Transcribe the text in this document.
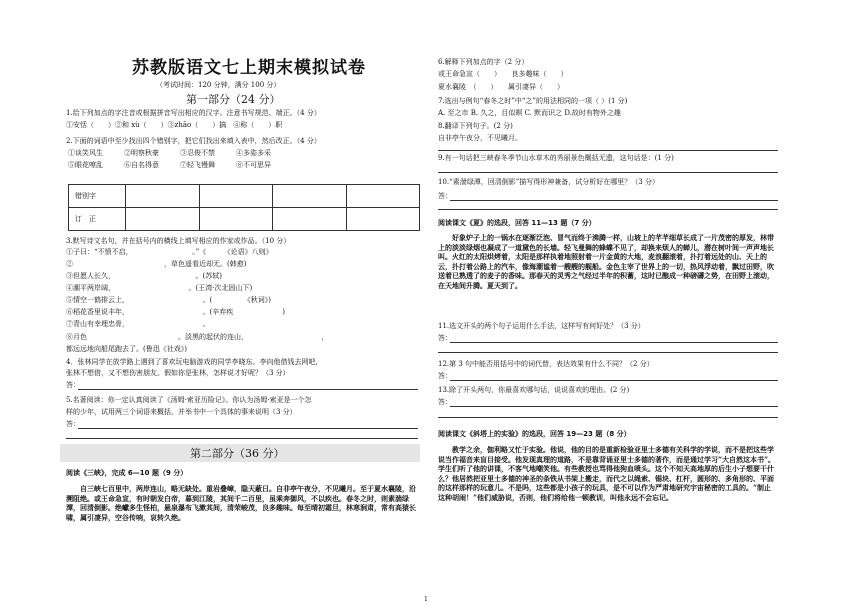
苏教版语文七上期末模拟试卷
（考试时间：120 分钟，满分 100 分）
第一部分（24 分）
1.给下列加点的字注音或根据拼音写出相应的汉字。注意书写规范、端正。（4 分）
①安恬（　　）②和 xù（　　）③zhāo（　　）搞　④称（　　）职
2.下面的词语中至少找出四个错别字，把它们找出来填入表中，然后改正。（4 分）
①谈笑风生　　　②明察秋豪　　　③忍俊不禁　　　④多姿多采
⑤眼花嘹乱　　　⑥自名得意　　　⑦轻飞慢舞　　　⑧不可思异
错别字				
订　正				
3.默写诗文名句，并在括号内的横线上填写相应的作家或作品。（10 分）
①子曰：“不愤不启，　　　　　　　　　。”《　　　《论语》八则》
②　　　　　　　　　　　　　，草色遥看近却无。(韩愈)
③但愿人长久，　　　　　　　　　　　　。(苏轼)
④潮平两岸阔，　　　　　　　　　　　。(王湾·次北固山下)
⑤情空一鹤排云上，　　　　　　　　　　　。(　　　　　《秋词》)
⑥稻花香里说丰年，　　　　　　　　　　　。(辛弃疾　　　　　　　)
⑦青山有幸埋忠骨，　　　　　　　　　　　。
⑧月色　　　　　　　　　　　　　。淡黑的起伏的连山，　　　　　　　　　　　，
都远远地向船尾跑去了。(鲁迅《社戏》)
4．张林同学在放学路上遇到了喜欢玩电脑游戏的同学李晓东。李向他借钱去网吧，
张林不想借，又不想伤害朋友。假如你是张林，怎样说才好呢？（3 分）
答：
5.名著阅读：你一定认真阅读了《汤姆·索亚历险记》。你认为汤姆·索亚是一个怎
样的少年，试用两三个词语来概括，并举书中一个具体的事来说明（3 分）
答：
第二部分（36 分）
阅读《三峡》，完成 6—10 题（9 分）
自三峡七百里中，两岸连山，略无缺处。重岩叠嶂，隐天蔽日。自非亭午夜分，不见曦月。至于夏水襄陵，沿溯阻绝。或王命急宣，有时朝发白帝，暮到江陵，其间千二百里，虽乘奔御风，不以疾也。春冬之时，则素湍绿潭，回清倒影。绝巘多生怪柏，悬泉瀑布飞漱其间，清荣峻茂，良多趣味。每至晴初霜旦，林寒涧肃，常有高猿长啸，属引凄异，空谷传响，哀转久绝。
6.解释下列加点的字（2 分）
或王命急宣（　　）　　良多趣味（　　）
夏水襄陵　（　　）　　属引凄异（　　）
7.选出与例句“春冬之时”中“之”的用法相同的一项（ ）(1 分)
A. 至之市 B. 久之，目似暝 C. 默而识之 D.故时有物外之趣
8.翻译下列句子。(2 分)
自非亭午夜分，不见曦月。
9.有一句话把三峡春冬季节山水草木的秀丽景色概括无遗，这句话是：(1 分)
10.“素湍绿潭，回清倒影”描写得形神兼备，试分析好在哪里？（3 分）
答：
阅读课文《夏》的选段，回答 11—13 题（7 分）
好象炉子上的一锅水在逐渐泛泡、冒气而终于沸腾一样，山坡上的芊芊细草长成了一片茂密的厚发，林带上的淡淡绿烟也凝成了一道黛色的长墙。轻飞曼舞的蜂蝶不见了，却换来烦人的蝉儿，潜在树叶间一声声地长叫。火红的太阳烘烤着，太阳是那样执着地照射着一片金黄的大地，麦浪翻滚着，扑打着远处的山、天上的云，扑打着公路上的汽车，像海潮谧着一艘艘的舰船。金色主宰了世界上的一切，热风浮动着，飘过田野，吹送着已熟透了的麦子的香味。那春天的灵秀之气经过半年的积蓄，这时已酿成一种磅礴之势，在田野上滚动，在天地间升腾。夏天到了。
11.选文开头的两个句子运用什么手法，这样写有何好处？（3 分）
答：
12.第 3 句中能否用括号中的词代替，表达效果有什么不同？（2 分）
答：
13.除了开头两句，你最喜欢哪句话，说说喜欢的理由。(2 分)
答：
阅读课文《斜塔上的实验》的选段，回答 19—23 题（8 分）
教学之余，伽利略又忙于实验。他说，他的目的是重新检验亚里士多德有关科学的学说，而不是把这些学说当作福音来盲目接受。他发现真理的道路，不是靠背诵亚里士多德的著作，而是通过学习“大自然这本书”。学生们听了他的讲课，不客气地嘲笑他。有些教授也骂得他狗血喷头。这个不知天高地厚的后生小子想要干什么？他居然把亚里士多德的神圣的条铁从书架上搬走，而代之以绳索、锡块、杠杆，圆形的、多角形的、平面的这样那样的玩意儿。不是吗，这些都是小孩子的玩具，是不可以作为严肃地研究宇宙秘密的工具的。“制止这种胡闹！”他们威胁说，否则，他们将给他一顿教训，叫他永远不会忘记。
1
